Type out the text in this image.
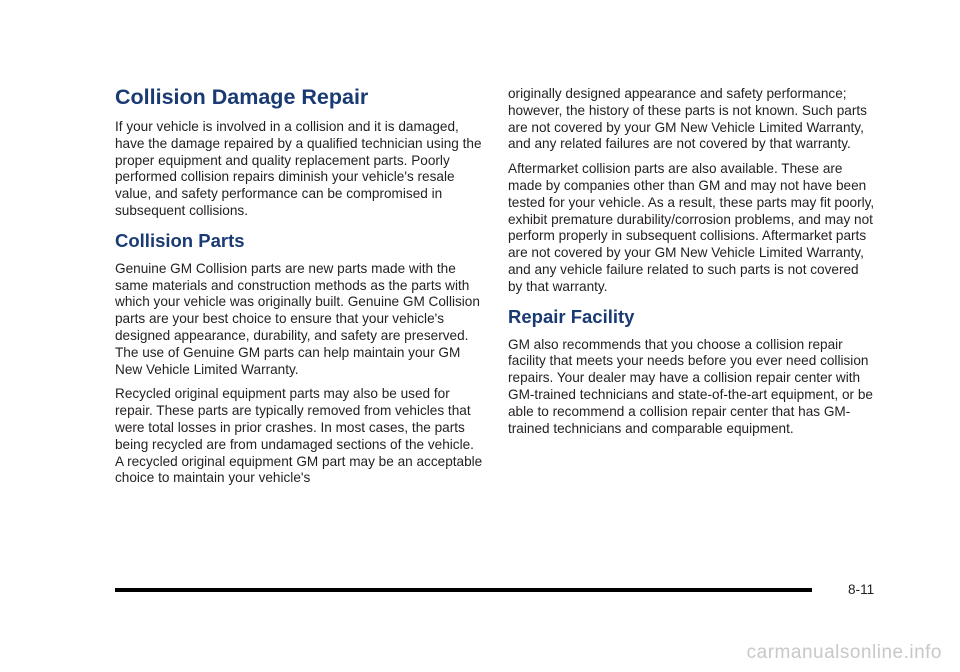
Collision Damage Repair

If your vehicle is involved in a collision and it is damaged, have the damage repaired by a qualified technician using the proper equipment and quality replacement parts. Poorly performed collision repairs diminish your vehicle's resale value, and safety performance can be compromised in subsequent collisions.

Collision Parts

Genuine GM Collision parts are new parts made with the same materials and construction methods as the parts with which your vehicle was originally built. Genuine GM Collision parts are your best choice to ensure that your vehicle's designed appearance, durability, and safety are preserved. The use of Genuine GM parts can help maintain your GM New Vehicle Limited Warranty.

Recycled original equipment parts may also be used for repair. These parts are typically removed from vehicles that were total losses in prior crashes. In most cases, the parts being recycled are from undamaged sections of the vehicle. A recycled original equipment GM part may be an acceptable choice to maintain your vehicle's

originally designed appearance and safety performance; however, the history of these parts is not known. Such parts are not covered by your GM New Vehicle Limited Warranty, and any related failures are not covered by that warranty.

Aftermarket collision parts are also available. These are made by companies other than GM and may not have been tested for your vehicle. As a result, these parts may fit poorly, exhibit premature durability/corrosion problems, and may not perform properly in subsequent collisions. Aftermarket parts are not covered by your GM New Vehicle Limited Warranty, and any vehicle failure related to such parts is not covered by that warranty.

Repair Facility

GM also recommends that you choose a collision repair facility that meets your needs before you ever need collision repairs. Your dealer may have a collision repair center with GM-trained technicians and state-of-the-art equipment, or be able to recommend a collision repair center that has GM-trained technicians and comparable equipment.

8-11
carmanualsonline.info
